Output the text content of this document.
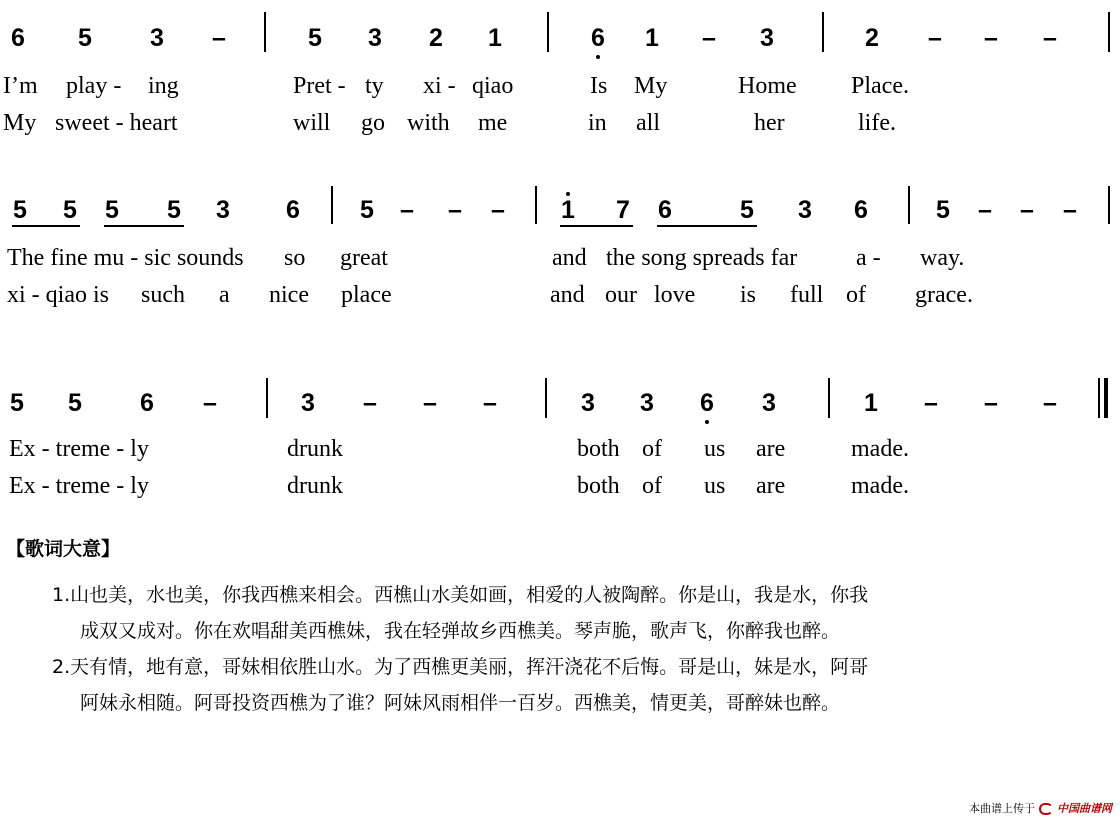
6 5 3 –	5 3 2 1	6 1 – 3	2 – – –
I’m play - ing	Pret - ty xi - qiao	Is My	Home Place.
My sweet - heart	will go with me	in all	her	life.
5 5 5 5 3 6 5 – – – 1 7 6	5 3 6	5 – – –
The fine mu - sic sounds so great	and the song spreads far a - way.
xi - qiao is such a nice place	and our love is full of grace.
5 5 6 –	3 – – –	3 3 6 3	1 – – –
Ex - treme - ly	drunk	both of us are	made.
Ex - treme - ly	drunk	both of us are	made.
【歌词大意】
1.山也美，水也美，你我西樵来相会。西樵山水美如画，相爱的人被陶醉。你是山，我是水，你我
成双又成对。你在欢唱甜美西樵妹，我在轻弹故乡西樵美。琴声脆，歌声飞，你醉我也醉。
2.天有情，地有意，哥妹相依胜山水。为了西樵更美丽，挥汗浇花不后悔。哥是山，妹是水，阿哥
阿妹永相随。阿哥投资西樵为了谁？阿妹风雨相伴一百岁。西樵美，情更美，哥醉妹也醉。
本曲谱上传于 中国曲谱网
